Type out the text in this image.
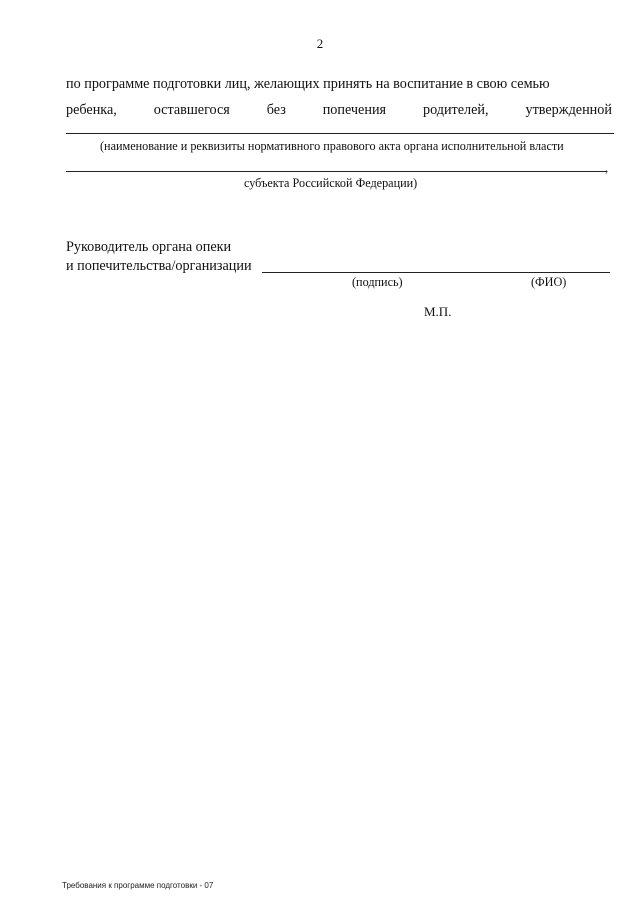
2
по программе подготовки лиц, желающих принять на воспитание в свою семью
ребенка,	оставшегося	без	попечения	родителей,	утвержденной
(наименование и реквизиты нормативного правового акта органа исполнительной власти
,
субъекта Российской Федерации)
Руководитель органа опеки
и попечительства/организации
(подпись)	(ФИО)
М.П.
Требования к программе подготовки - 07
